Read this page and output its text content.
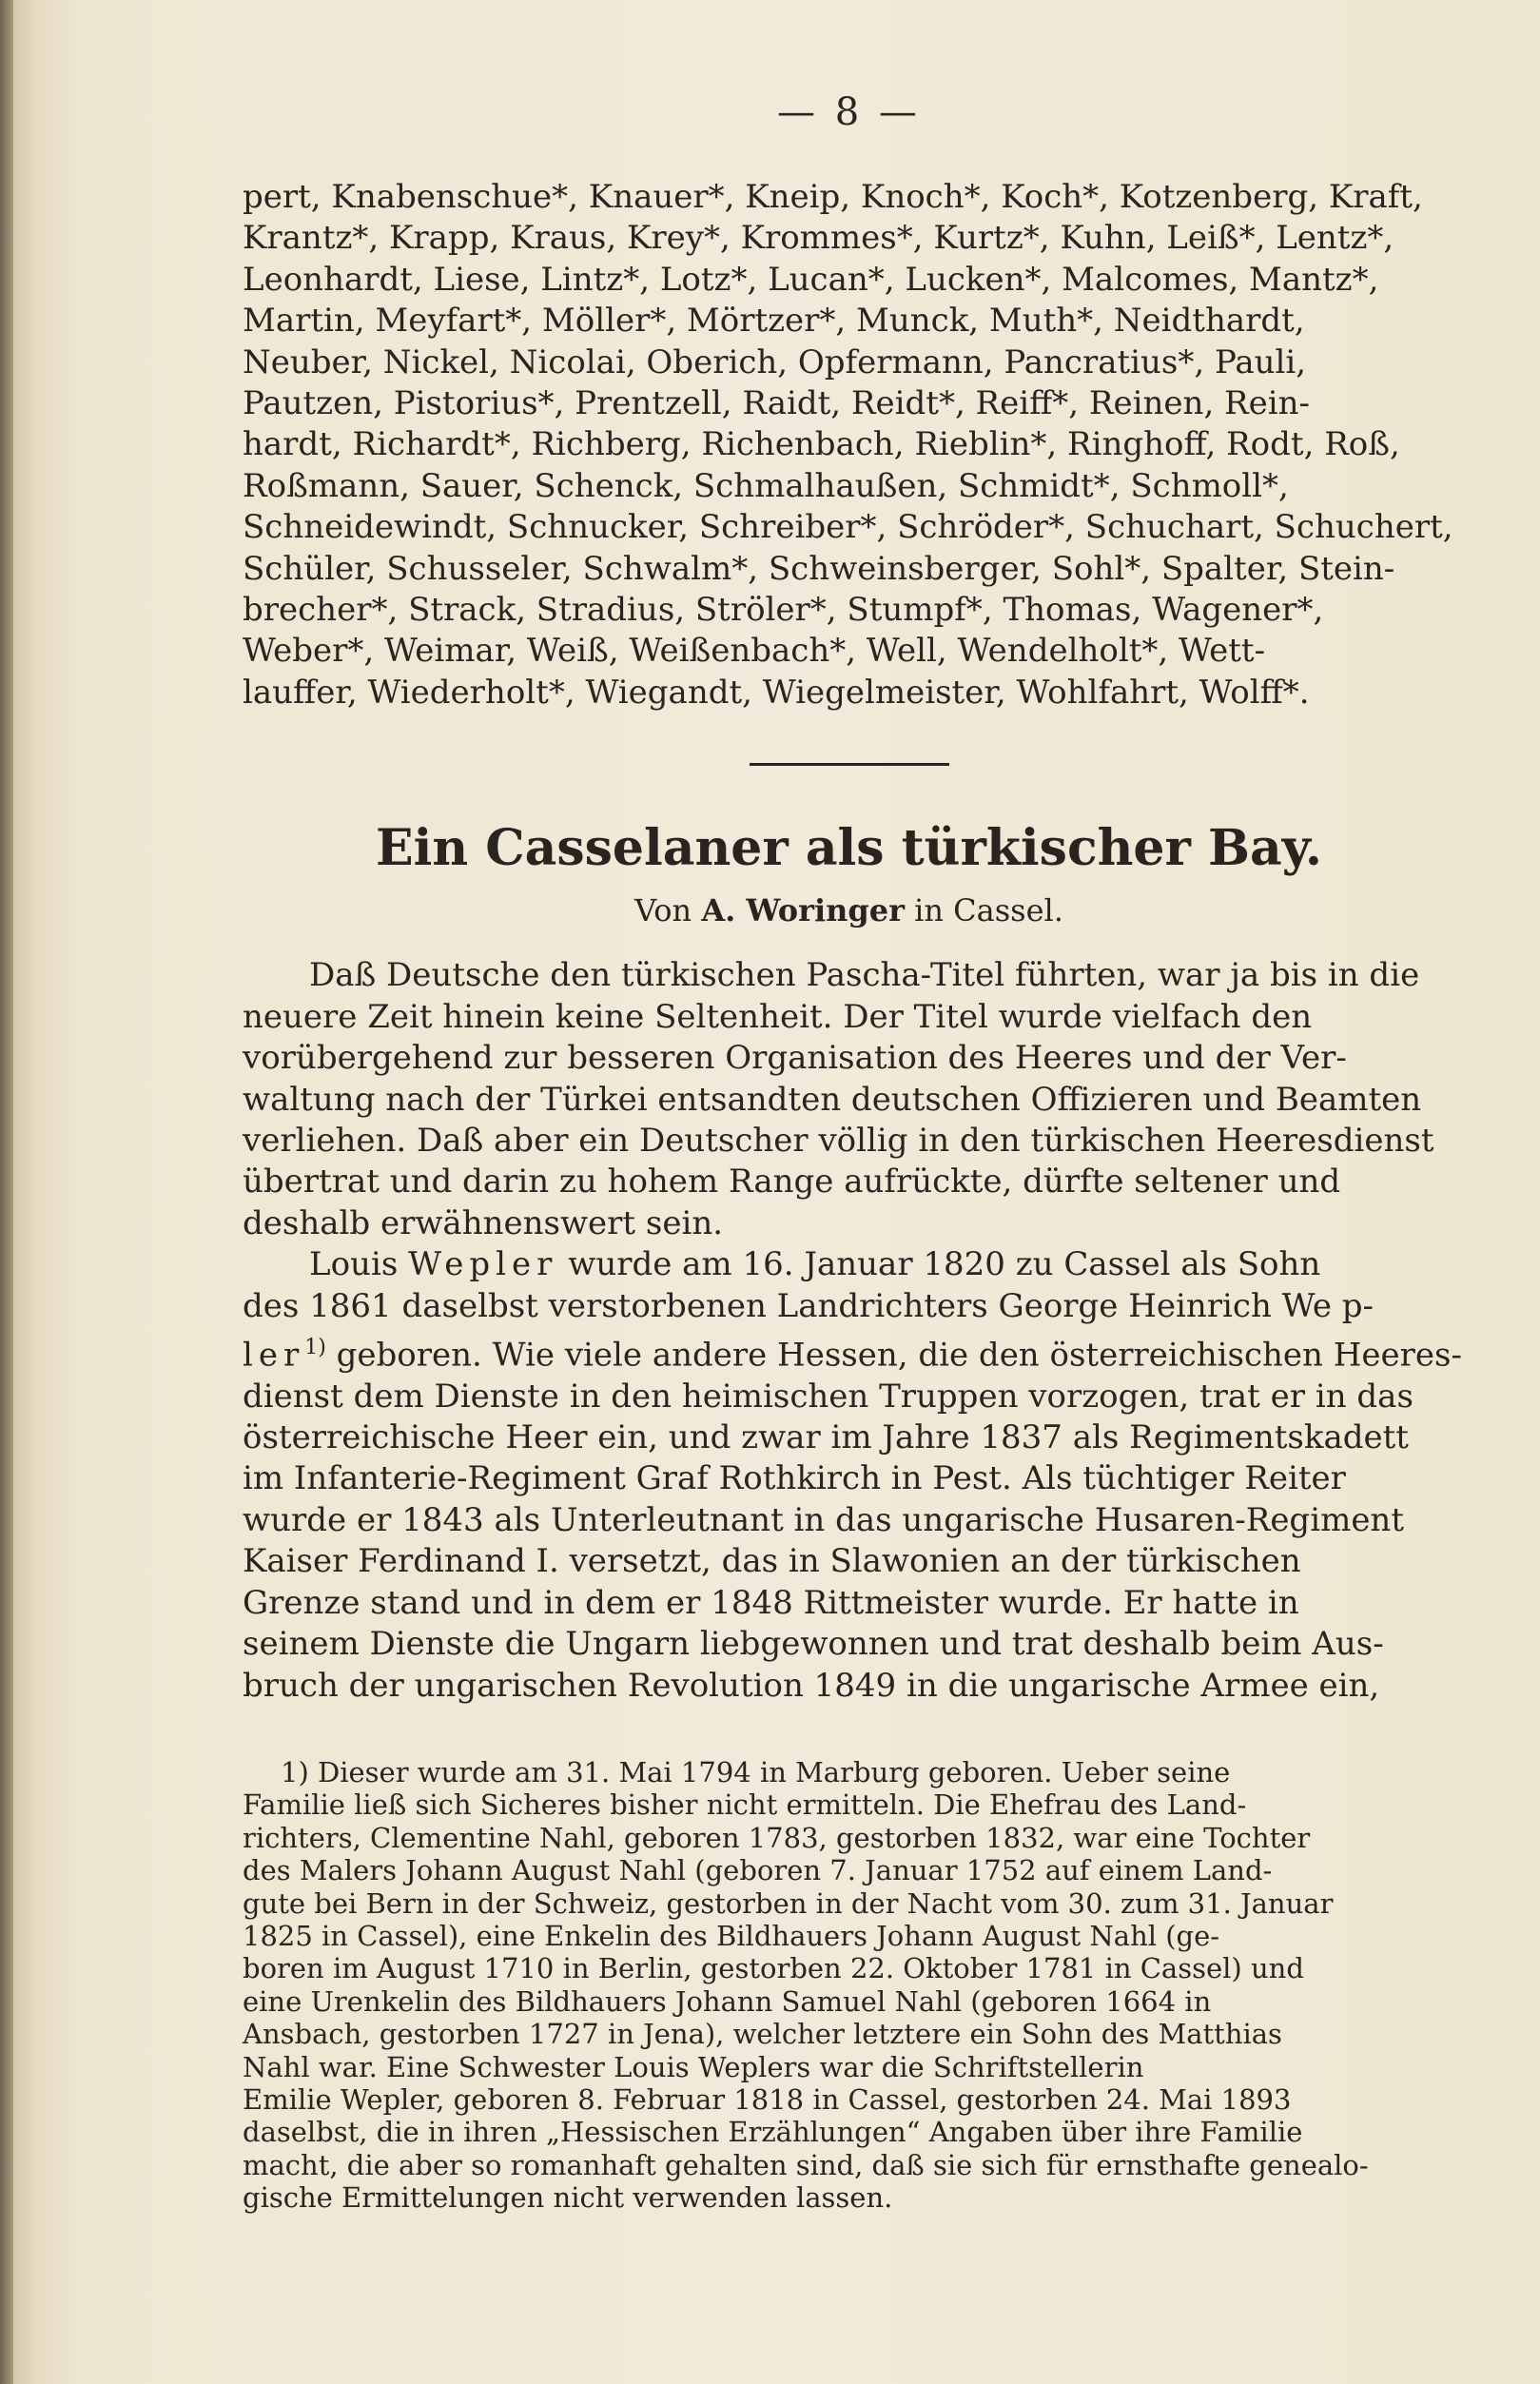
— 8 —
pert, Knabenschue*, Knauer*, Kneip, Knoch*, Koch*, Kotzenberg, Kraft,
Krantz*, Krapp, Kraus, Krey*, Krommes*, Kurtz*, Kuhn, Leiß*, Lentz*,
Leonhardt, Liese, Lintz*, Lotz*, Lucan*, Lucken*, Malcomes, Mantz*,
Martin, Meyfart*, Möller*, Mörtzer*, Munck, Muth*, Neidthardt,
Neuber, Nickel, Nicolai, Oberich, Opfermann, Pancratius*, Pauli,
Pautzen, Pistorius*, Prentzell, Raidt, Reidt*, Reiff*, Reinen, Rein-
hardt, Richardt*, Richberg, Richenbach, Rieblin*, Ringhoff, Rodt, Roß,
Roßmann, Sauer, Schenck, Schmalhaußen, Schmidt*, Schmoll*,
Schneidewindt, Schnucker, Schreiber*, Schröder*, Schuchart, Schuchert,
Schüler, Schusseler, Schwalm*, Schweinsberger, Sohl*, Spalter, Stein-
brecher*, Strack, Stradius, Ströler*, Stumpf*, Thomas, Wagener*,
Weber*, Weimar, Weiß, Weißenbach*, Well, Wendelholt*, Wett-
lauffer, Wiederholt*, Wiegandt, Wiegelmeister, Wohlfahrt, Wolff*.
Ein Casselaner als türkischer Bay.
Von A. Woringer in Cassel.
Daß Deutsche den türkischen Pascha-Titel führten, war ja bis in die
neuere Zeit hinein keine Seltenheit. Der Titel wurde vielfach den
vorübergehend zur besseren Organisation des Heeres und der Ver-
waltung nach der Türkei entsandten deutschen Offizieren und Beamten
verliehen. Daß aber ein Deutscher völlig in den türkischen Heeresdienst
übertrat und darin zu hohem Range aufrückte, dürfte seltener und
deshalb erwähnenswert sein.
Louis Wepler wurde am 16. Januar 1820 zu Cassel als Sohn
des 1861 daselbst verstorbenen Landrichters George Heinrich We p-
ler$^{1)}$ geboren. Wie viele andere Hessen, die den österreichischen Heeres-
dienst dem Dienste in den heimischen Truppen vorzogen, trat er in das
österreichische Heer ein, und zwar im Jahre 1837 als Regimentskadett
im Infanterie-Regiment Graf Rothkirch in Pest. Als tüchtiger Reiter
wurde er 1843 als Unterleutnant in das ungarische Husaren-Regiment
Kaiser Ferdinand I. versetzt, das in Slawonien an der türkischen
Grenze stand und in dem er 1848 Rittmeister wurde. Er hatte in
seinem Dienste die Ungarn liebgewonnen und trat deshalb beim Aus-
bruch der ungarischen Revolution 1849 in die ungarische Armee ein,
1) Dieser wurde am 31. Mai 1794 in Marburg geboren. Ueber seine
Familie ließ sich Sicheres bisher nicht ermitteln. Die Ehefrau des Land-
richters, Clementine Nahl, geboren 1783, gestorben 1832, war eine Tochter
des Malers Johann August Nahl (geboren 7. Januar 1752 auf einem Land-
gute bei Bern in der Schweiz, gestorben in der Nacht vom 30. zum 31. Januar
1825 in Cassel), eine Enkelin des Bildhauers Johann August Nahl (ge-
boren im August 1710 in Berlin, gestorben 22. Oktober 1781 in Cassel) und
eine Urenkelin des Bildhauers Johann Samuel Nahl (geboren 1664 in
Ansbach, gestorben 1727 in Jena), welcher letztere ein Sohn des Matthias
Nahl war. Eine Schwester Louis Weplers war die Schriftstellerin
Emilie Wepler, geboren 8. Februar 1818 in Cassel, gestorben 24. Mai 1893
daselbst, die in ihren „Hessischen Erzählungen“ Angaben über ihre Familie
macht, die aber so romanhaft gehalten sind, daß sie sich für ernsthafte genealo-
gische Ermittelungen nicht verwenden lassen.
